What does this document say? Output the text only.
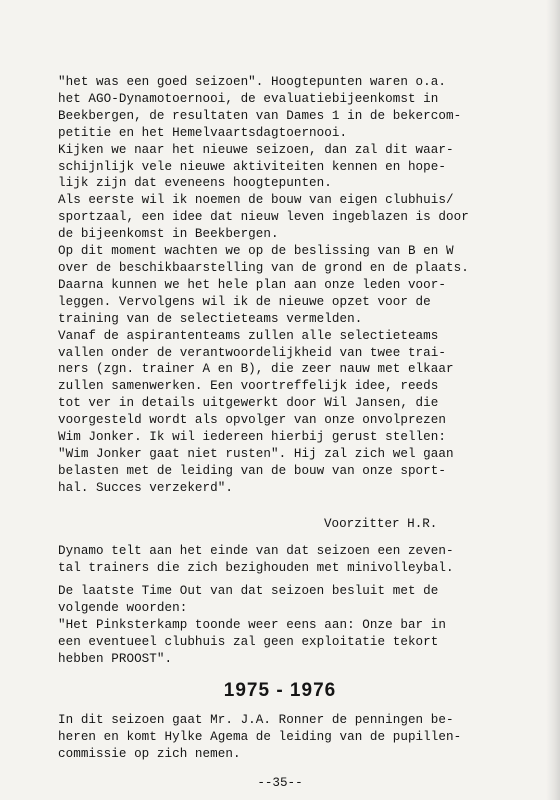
"het was een goed seizoen". Hoogtepunten waren o.a.
het AGO-Dynamotoernooi, de evaluatiebijeenkomst in
Beekbergen, de resultaten van Dames 1 in de bekercom-
petitie en het Hemelvaartsdagtoernooi.
Kijken we naar het nieuwe seizoen, dan zal dit waar-
schijnlijk vele nieuwe aktiviteiten kennen en hope-
lijk zijn dat eveneens hoogtepunten.
Als eerste wil ik noemen de bouw van eigen clubhuis/
sportzaal, een idee dat nieuw leven ingeblazen is door
de bijeenkomst in Beekbergen.
Op dit moment wachten we op de beslissing van B en W
over de beschikbaarstelling van de grond en de plaats.
Daarna kunnen we het hele plan aan onze leden voor-
leggen. Vervolgens wil ik de nieuwe opzet voor de
training van de selectieteams vermelden.
Vanaf de aspirantenteams zullen alle selectieteams
vallen onder de verantwoordelijkheid van twee trai-
ners (zgn. trainer A en B), die zeer nauw met elkaar
zullen samenwerken. Een voortreffelijk idee, reeds
tot ver in details uitgewerkt door Wil Jansen, die
voorgesteld wordt als opvolger van onze onvolprezen
Wim Jonker. Ik wil iedereen hierbij gerust stellen:
"Wim Jonker gaat niet rusten". Hij zal zich wel gaan
belasten met de leiding van de bouw van onze sport-
hal. Succes verzekerd".

Voorzitter H.R.

Dynamo telt aan het einde van dat seizoen een zeven-
tal trainers die zich bezighouden met minivolleybal.

De laatste Time Out van dat seizoen besluit met de
volgende woorden:
"Het Pinksterkamp toonde weer eens aan: Onze bar in
een eventueel clubhuis zal geen exploitatie tekort
hebben PROOST".

1975 - 1976

In dit seizoen gaat Mr. J.A. Ronner de penningen be-
heren en komt Hylke Agema de leiding van de pupillen-
commissie op zich nemen.

--35--
